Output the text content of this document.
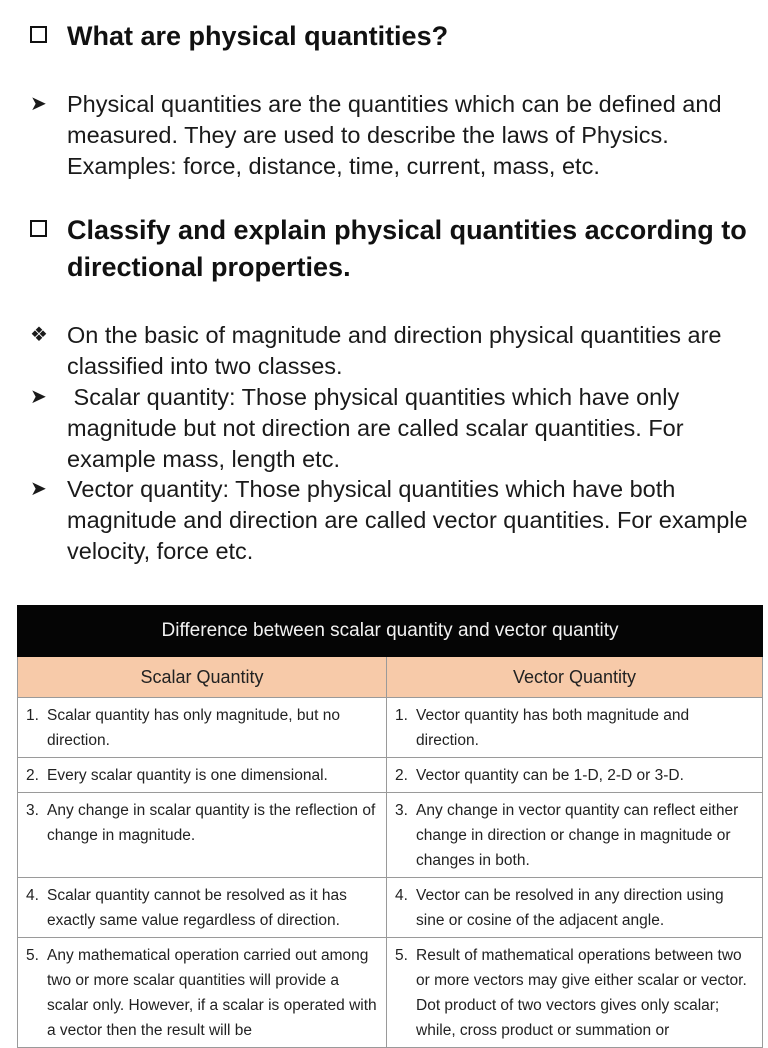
What are physical quantities?
➤ Physical quantities are the quantities which can be defined and measured. They are used to describe the laws of Physics. Examples: force, distance, time, current, mass, etc.
Classify and explain physical quantities according to directional properties.
❖ On the basic of magnitude and direction physical quantities are classified into two classes.
➤ Scalar quantity: Those physical quantities which have only magnitude but not direction are called scalar quantities. For example mass, length etc.
➤ Vector quantity: Those physical quantities which have both magnitude and direction are called vector quantities. For example velocity, force etc.
Difference between scalar quantity and vector quantity	
Scalar Quantity	Vector Quantity

1. Scalar quantity has only magnitude, but no direction.	1. Vector quantity has both magnitude and direction.

2. Every scalar quantity is one dimensional.	2. Vector quantity can be 1-D, 2-D or 3-D.

3. Any change in scalar quantity is the reflection of change in magnitude.	3. Any change in vector quantity can reflect either change in direction or change in magnitude or changes in both.

4. Scalar quantity cannot be resolved as it has exactly same value regardless of direction.	4. Vector can be resolved in any direction using sine or cosine of the adjacent angle.

5. Any mathematical operation carried out among two or more scalar quantities will provide a scalar only. However, if a scalar is operated with a vector then the result will be	5. Result of mathematical operations between two or more vectors may give either scalar or vector. Dot product of two vectors gives only scalar; while, cross product or summation or
